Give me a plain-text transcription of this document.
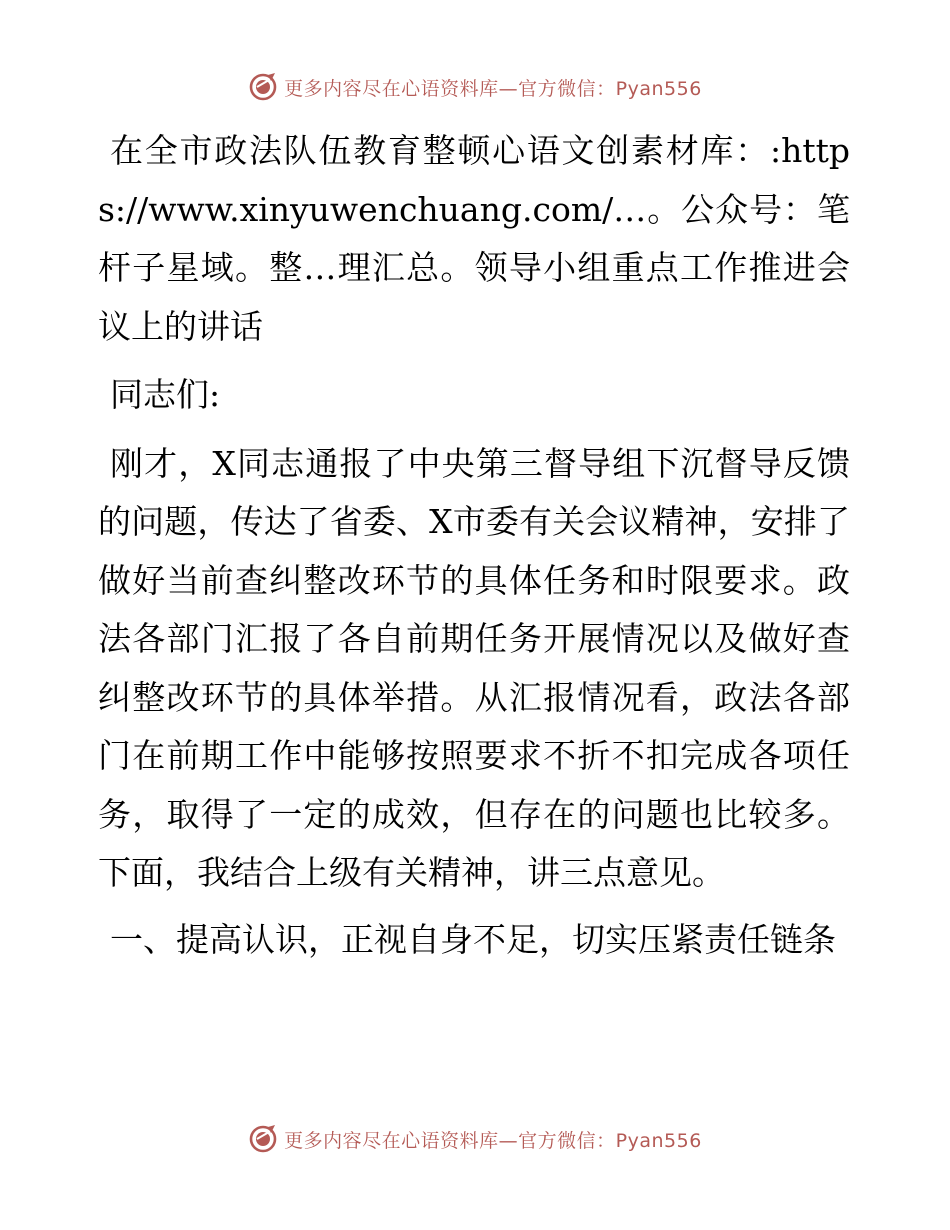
更多内容尽在心语资料库—官方微信：Pyan556

在全市政法队伍教育整顿心语文创素材库：:https://www.xinyuwenchuang.com/…。公众号：笔杆子星域。整…理汇总。领导小组重点工作推进会议上的讲话

同志们:

刚才，X同志通报了中央第三督导组下沉督导反馈的问题，传达了省委、X市委有关会议精神，安排了做好当前查纠整改环节的具体任务和时限要求。政法各部门汇报了各自前期任务开展情况以及做好查纠整改环节的具体举措。从汇报情况看，政法各部门在前期工作中能够按照要求不折不扣完成各项任务，取得了一定的成效，但存在的问题也比较多。下面，我结合上级有关精神，讲三点意见。

一、提高认识，正视自身不足，切实压紧责任链条

更多内容尽在心语资料库—官方微信：Pyan556
